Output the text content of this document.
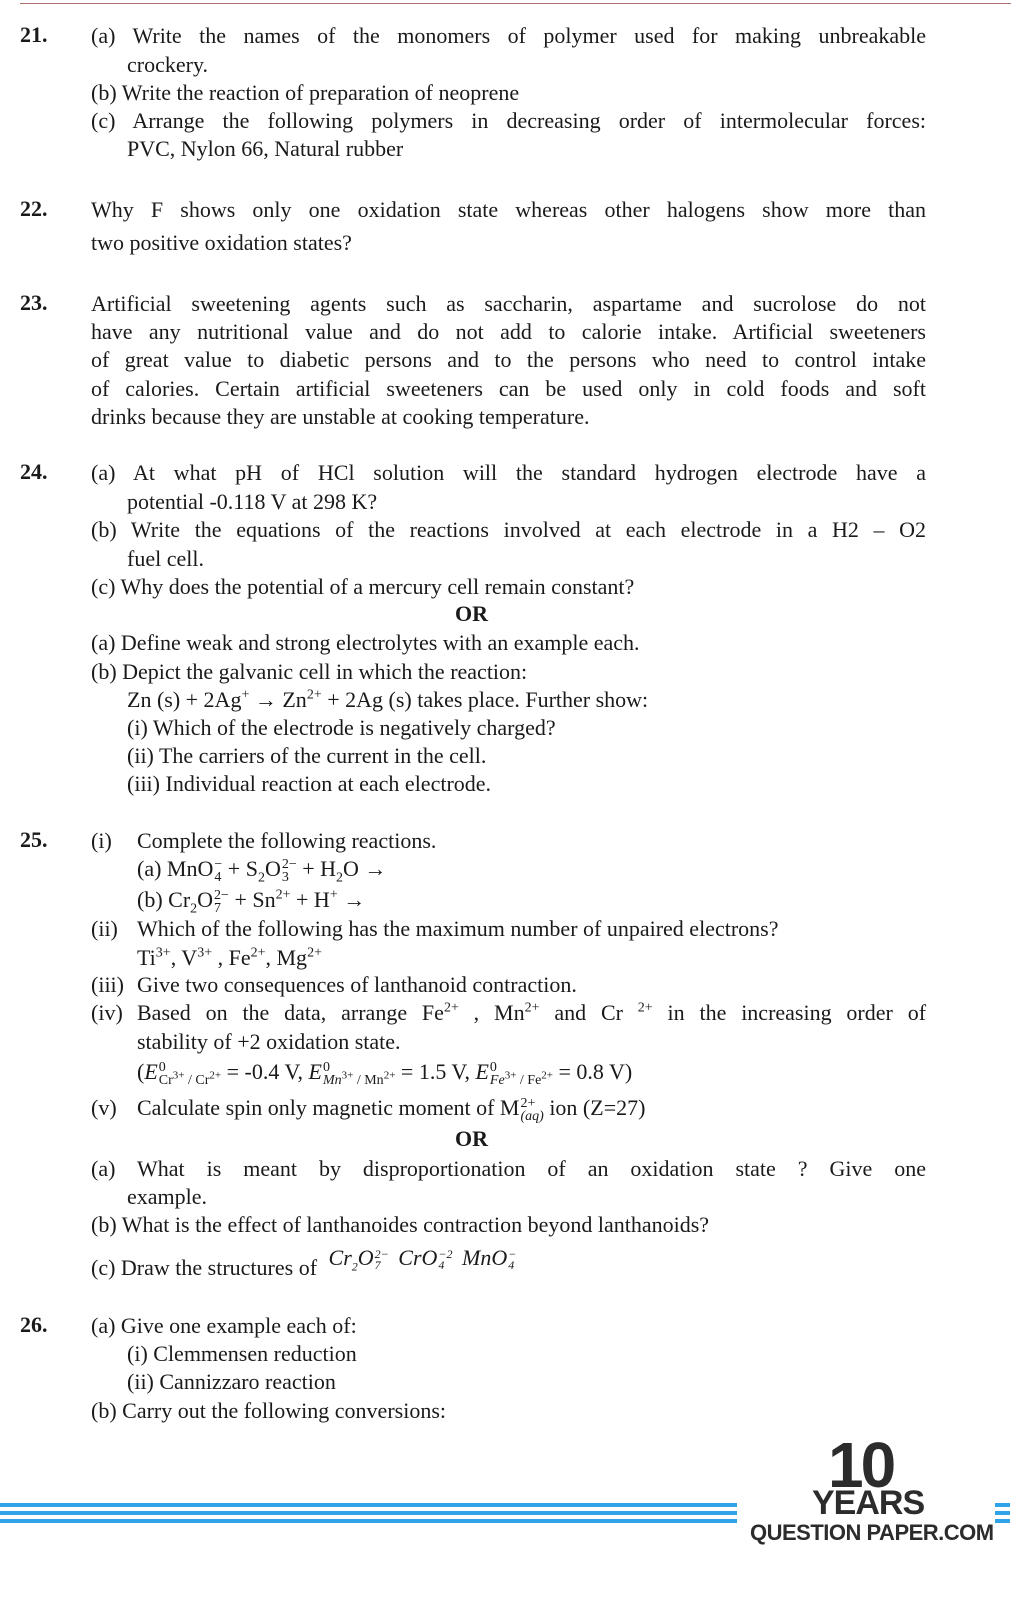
21. (a) Write the names of the monomers of polymer used for making unbreakable
crockery.
(b) Write the reaction of preparation of neoprene
(c) Arrange the following polymers in decreasing order of intermolecular forces:
PVC, Nylon 66, Natural rubber
22. Why F shows only one oxidation state whereas other halogens show more than
two positive oxidation states?
23. Artificial sweetening agents such as saccharin, aspartame and sucrolose do not
have any nutritional value and do not add to calorie intake. Artificial sweeteners
of great value to diabetic persons and to the persons who need to control intake
of calories. Certain artificial sweeteners can be used only in cold foods and soft
drinks because they are unstable at cooking temperature.
24. (a) At what pH of HCl solution will the standard hydrogen electrode have a
potential -0.118 V at 298 K?
(b) Write the equations of the reactions involved at each electrode in a H2 – O2
fuel cell.
(c) Why does the potential of a mercury cell remain constant?
OR
(a) Define weak and strong electrolytes with an example each.
(b) Depict the galvanic cell in which the reaction:
Zn $(s) + 2Ag^+ \to Zn^{2+} + 2Ag$ (s) takes place. Further show:
(i) Which of the electrode is negatively charged?
(ii) The carriers of the current in the cell.
(iii) Individual reaction at each electrode.
25. (i) Complete the following reactions.
(a) MnO −
$4 + S_2O$ 2−
$3 + H_2O$ →
(b) $Cr_2O$ 2−
$7 + Sn^{2+} + H^+$ →
(ii) Which of the following has the maximum number of unpaired electrons?
$Ti^{3+}$, $V^{3+}$ , $Fe^{2+}$, $Mg^{2+}$
(iii) Give two consequences of lanthanoid contraction.
(iv) Based on the data, arrange $Fe^{2+}$ , $Mn^{2+}$ and Cr $^{2+}$ in the increasing order of
stability of +2 oxidation state.
(E 0
$Cr^{3+} / Cr^{2+} = -0.4$ V, E 0
$Mn^{3+} / Mn^{2+} = 1.5$ V, E 0
$Fe^{3+} / Fe^{2+} = 0.8$ V)
(v) Calculate spin only magnetic moment of M 2+
(aq) ion (Z=27)
OR
(a) What is meant by disproportionation of an oxidation state ? Give one
example.
(b) What is the effect of lanthanoides contraction beyond lanthanoids?
(c) Draw the structures of $Cr_2O$ 2−
7 CrO −2
4 MnO −
4
26. (a) Give one example each of:
(i) Clemmensen reduction
(ii) Cannizzaro reaction
(b) Carry out the following conversions:
10
YEARS
QUESTION PAPER.COM
